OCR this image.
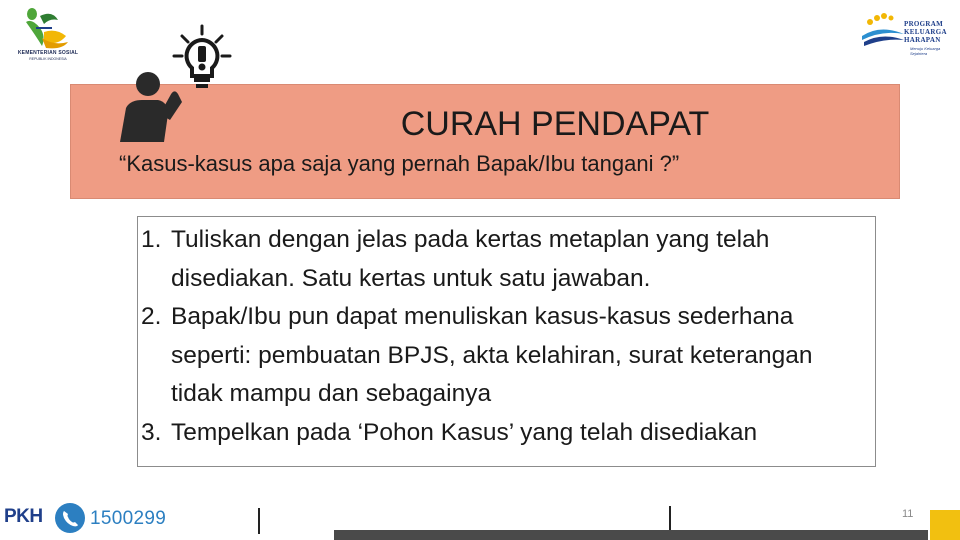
KEMENTERIAN SOSIAL
REPUBLIK INDONESIA
PROGRAM
KELUARGA
HARAPAN
Menuju Keluarga Sejahtera
CURAH PENDAPAT
“Kasus-kasus apa saja yang pernah Bapak/Ibu tangani ?”
1. Tuliskan dengan jelas pada kertas metaplan yang telah disediakan. Satu kertas untuk satu jawaban.
2. Bapak/Ibu pun dapat menuliskan kasus-kasus sederhana seperti: pembuatan BPJS, akta kelahiran, surat keterangan tidak mampu dan sebagainya
3. Tempelkan pada ‘Pohon Kasus’ yang telah disediakan
PKH 1500299	11
